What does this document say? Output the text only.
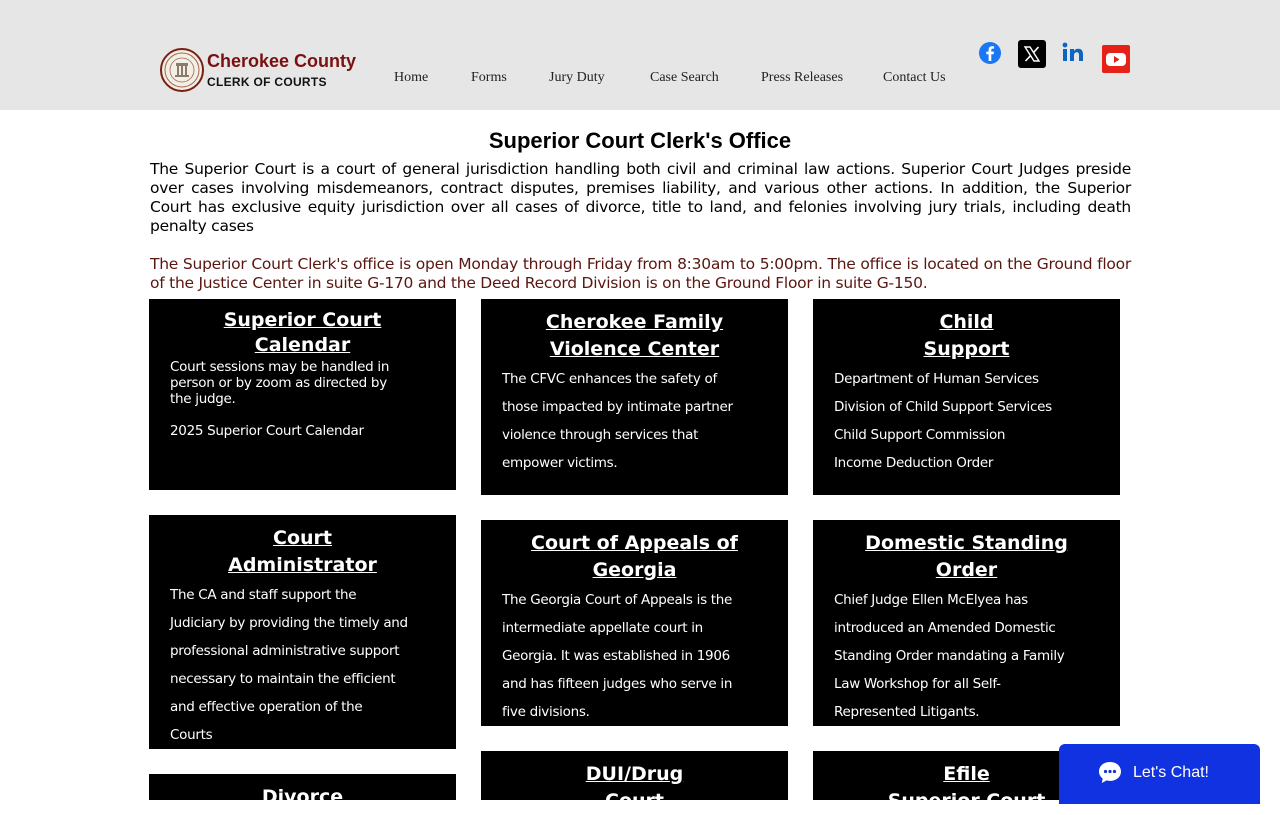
Cherokee County
CLERK OF COURTS	Home	Forms	Jury Duty	Case Search	Press Releases	Contact Us
Superior Court Clerk's Office
The Superior Court is a court of general jurisdiction handling both civil and criminal law actions. Superior Court Judges preside over cases involving misdemeanors, contract disputes, premises liability, and various other actions. In addition, the Superior Court has exclusive equity jurisdiction over all cases of divorce, title to land, and felonies involving jury trials, including death penalty cases
The Superior Court Clerk's office is open Monday through Friday from 8:30am to 5:00pm. The office is located on the Ground floor of the Justice Center in suite G-170 and the Deed Record Division is on the Ground Floor in suite G-150.
Superior Court
Calendar
Court sessions may be handled in
person or by zoom as directed by
the judge.
2025 Superior Court Calendar
Cherokee Family
Violence Center
The CFVC enhances the safety of
those impacted by intimate partner
violence through services that
empower victims.
Child
Support
Department of Human Services
Division of Child Support Services
Child Support Commission
Income Deduction Order
Court
Administrator
The CA and staff support the
Judiciary by providing the timely and
professional administrative support
necessary to maintain the efficient
and effective operation of the
Courts
Court of Appeals of
Georgia
The Georgia Court of Appeals is the
intermediate appellate court in
Georgia. It was established in 1906
and has fifteen judges who serve in
five divisions.
Domestic Standing
Order
Chief Judge Ellen McElyea has
introduced an Amended Domestic
Standing Order mandating a Family
Law Workshop for all Self-
Represented Litigants.
Divorce
DUI/Drug
Court
Efile
Superior Court
Let's Chat!
